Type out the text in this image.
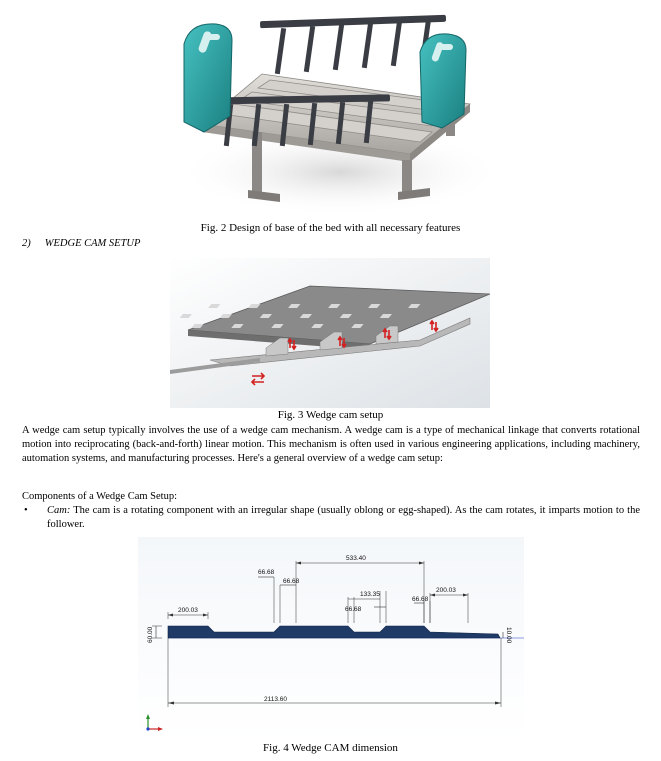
Fig. 2 Design of base of the bed with all necessary features
2) WEDGE CAM SETUP
Fig. 3 Wedge cam setup
A wedge cam setup typically involves the use of a wedge cam mechanism. A wedge cam is a type of mechanical linkage that converts rotational motion into reciprocating (back-and-forth) linear motion. This mechanism is often used in various engineering applications, including machinery, automation systems, and manufacturing processes. Here's a general overview of a wedge cam setup:
Components of a Wedge Cam Setup:
• Cam: The cam is a rotating component with an irregular shape (usually oblong or egg-shaped). As the cam rotates, it imparts motion to the follower.
200.03
66.68
66.68
533.40
133.35
66.68
66.68
200.03
2113.60
60.00	10.00
Fig. 4 Wedge CAM dimension
